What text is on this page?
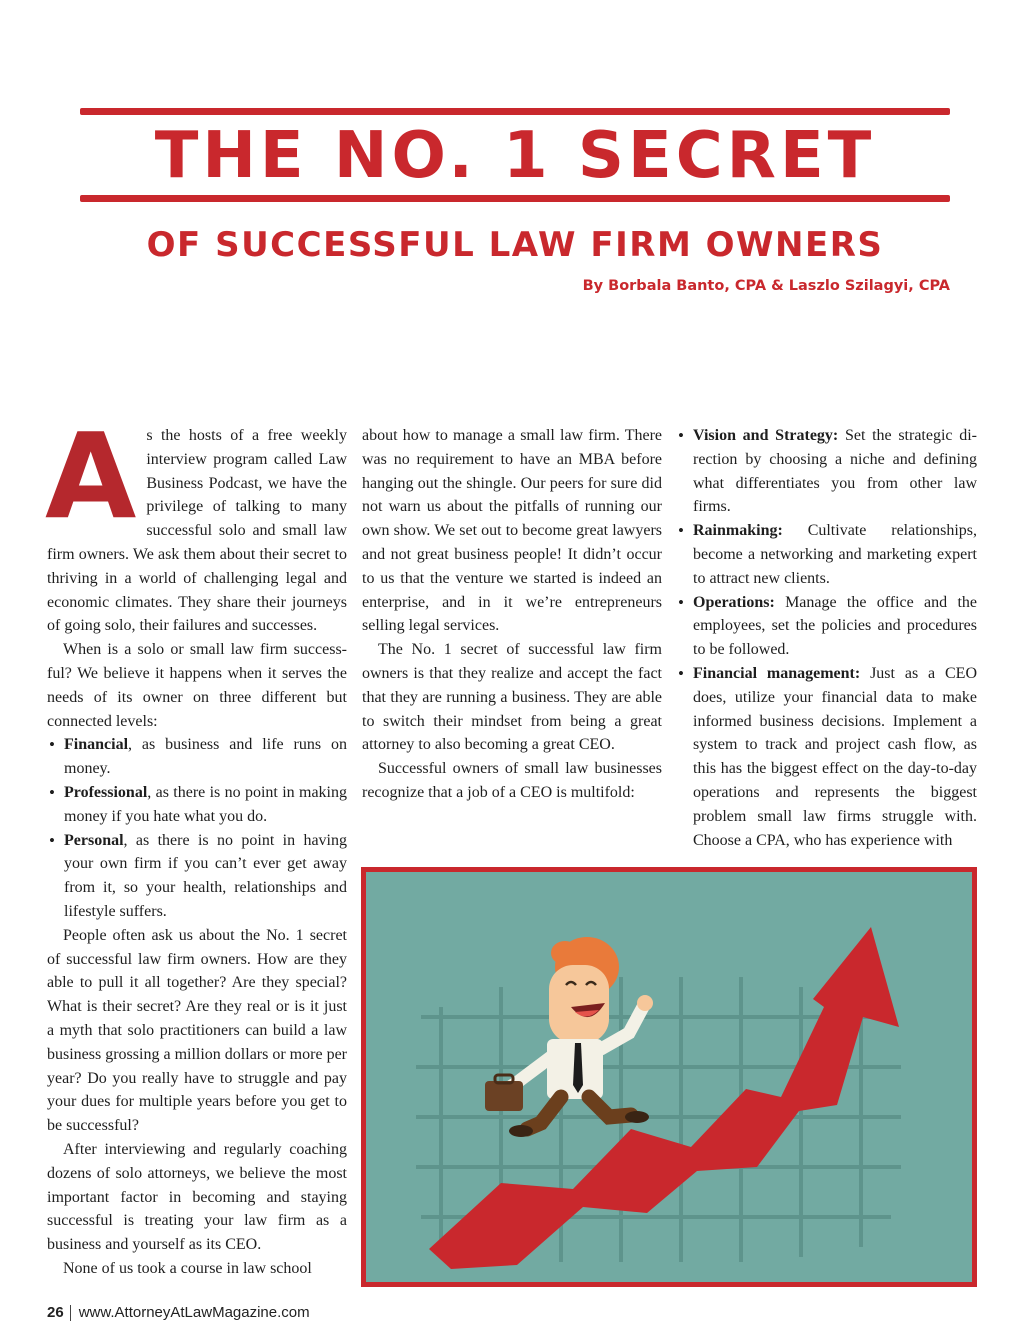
THE NO. 1 SECRET
OF SUCCESSFUL LAW FIRM OWNERS
By Borbala Banto, CPA & Laszlo Szilagyi, CPA

As the hosts of a free weekly interview program called Law Business Podcast, we have the privilege of talking to many successful solo and small law firm owners. We ask them about their secret to thriving in a world of challenging legal and economic climates. They share their journeys of going solo, their failures and successes.

When is a solo or small law firm successful? We believe it happens when it serves the needs of its owner on three different but connected levels:

• Financial, as business and life runs on money.
• Professional, as there is no point in making money if you hate what you do.
• Personal, as there is no point in having your own firm if you can’t ever get away from it, so your health, relationships and lifestyle suffers.

People often ask us about the No. 1 secret of successful law firm owners. How are they able to pull it all together? Are they special? What is their secret? Are they real or is it just a myth that solo practitioners can build a law business grossing a million dollars or more per year? Do you really have to struggle and pay your dues for multiple years before you get to be successful?

After interviewing and regularly coaching dozens of solo attorneys, we believe the most important factor in becoming and staying successful is treating your law firm as a business and yourself as its CEO.

None of us took a course in law school

about how to manage a small law firm. There was no requirement to have an MBA before hanging out the shingle. Our peers for sure did not warn us about the pitfalls of running our own show. We set out to become great lawyers and not great business people! It didn’t occur to us that the venture we started is indeed an enterprise, and in it we’re entrepreneurs selling legal services.

The No. 1 secret of successful law firm owners is that they realize and accept the fact that they are running a business. They are able to switch their mindset from being a great attorney to also becoming a great CEO.

Successful owners of small law businesses recognize that a job of a CEO is multifold:

• Vision and Strategy: Set the strategic direction by choosing a niche and defining what differentiates you from other law firms.
• Rainmaking: Cultivate relationships, become a networking and marketing expert to attract new clients.
• Operations: Manage the office and the employees, set the policies and procedures to be followed.
• Financial management: Just as a CEO does, utilize your financial data to make informed business decisions. Implement a system to track and project cash flow, as this has the biggest effect on the day-to-day operations and represents the biggest problem small law firms struggle with. Choose a CPA, who has experience with
26 www.AttorneyAtLawMagazine.com
